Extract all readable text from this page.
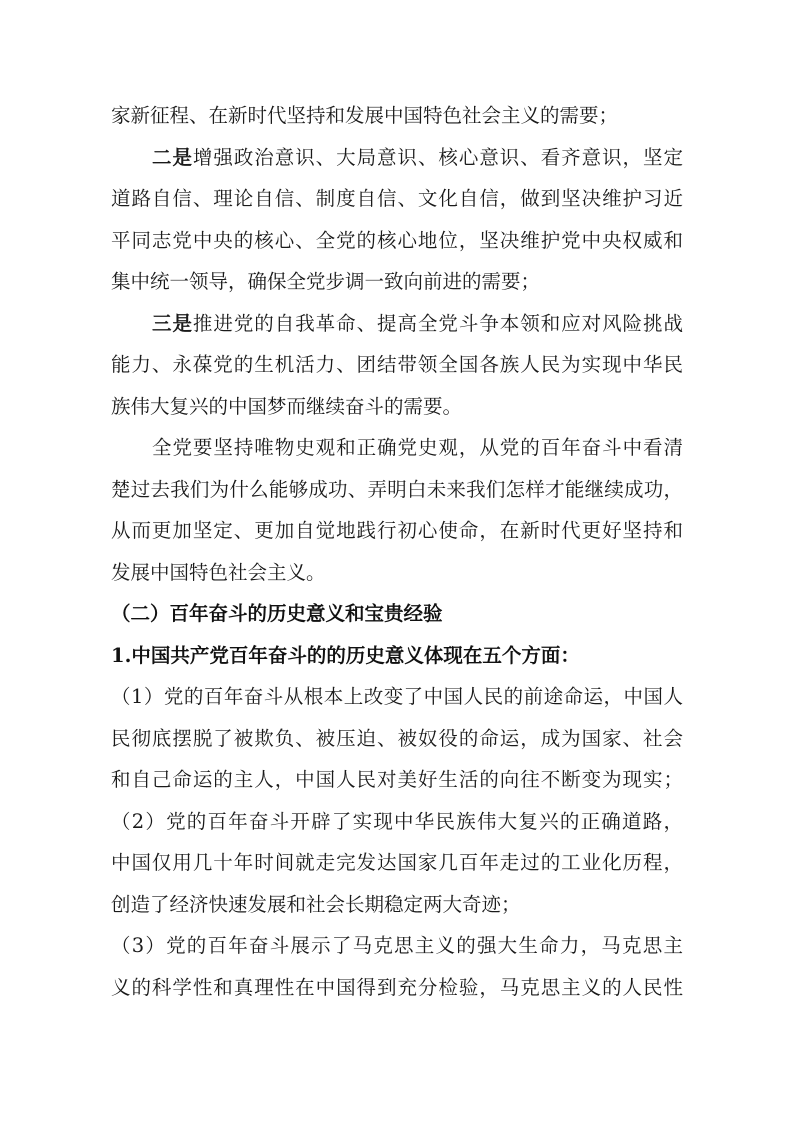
家新征程、在新时代坚持和发展中国特色社会主义的需要；
二是增强政治意识、大局意识、核心意识、看齐意识，坚定
道路自信、理论自信、制度自信、文化自信，做到坚决维护习近
平同志党中央的核心、全党的核心地位，坚决维护党中央权威和
集中统一领导，确保全党步调一致向前进的需要；
三是推进党的自我革命、提高全党斗争本领和应对风险挑战
能力、永葆党的生机活力、团结带领全国各族人民为实现中华民
族伟大复兴的中国梦而继续奋斗的需要。
全党要坚持唯物史观和正确党史观，从党的百年奋斗中看清
楚过去我们为什么能够成功、弄明白未来我们怎样才能继续成功，
从而更加坚定、更加自觉地践行初心使命，在新时代更好坚持和
发展中国特色社会主义。
（二）百年奋斗的历史意义和宝贵经验
1.中国共产党百年奋斗的的历史意义体现在五个方面：
（1）党的百年奋斗从根本上改变了中国人民的前途命运，中国人
民彻底摆脱了被欺负、被压迫、被奴役的命运，成为国家、社会
和自己命运的主人，中国人民对美好生活的向往不断变为现实；
（2）党的百年奋斗开辟了实现中华民族伟大复兴的正确道路，
中国仅用几十年时间就走完发达国家几百年走过的工业化历程，
创造了经济快速发展和社会长期稳定两大奇迹；
（3）党的百年奋斗展示了马克思主义的强大生命力，马克思主
义的科学性和真理性在中国得到充分检验，马克思主义的人民性
